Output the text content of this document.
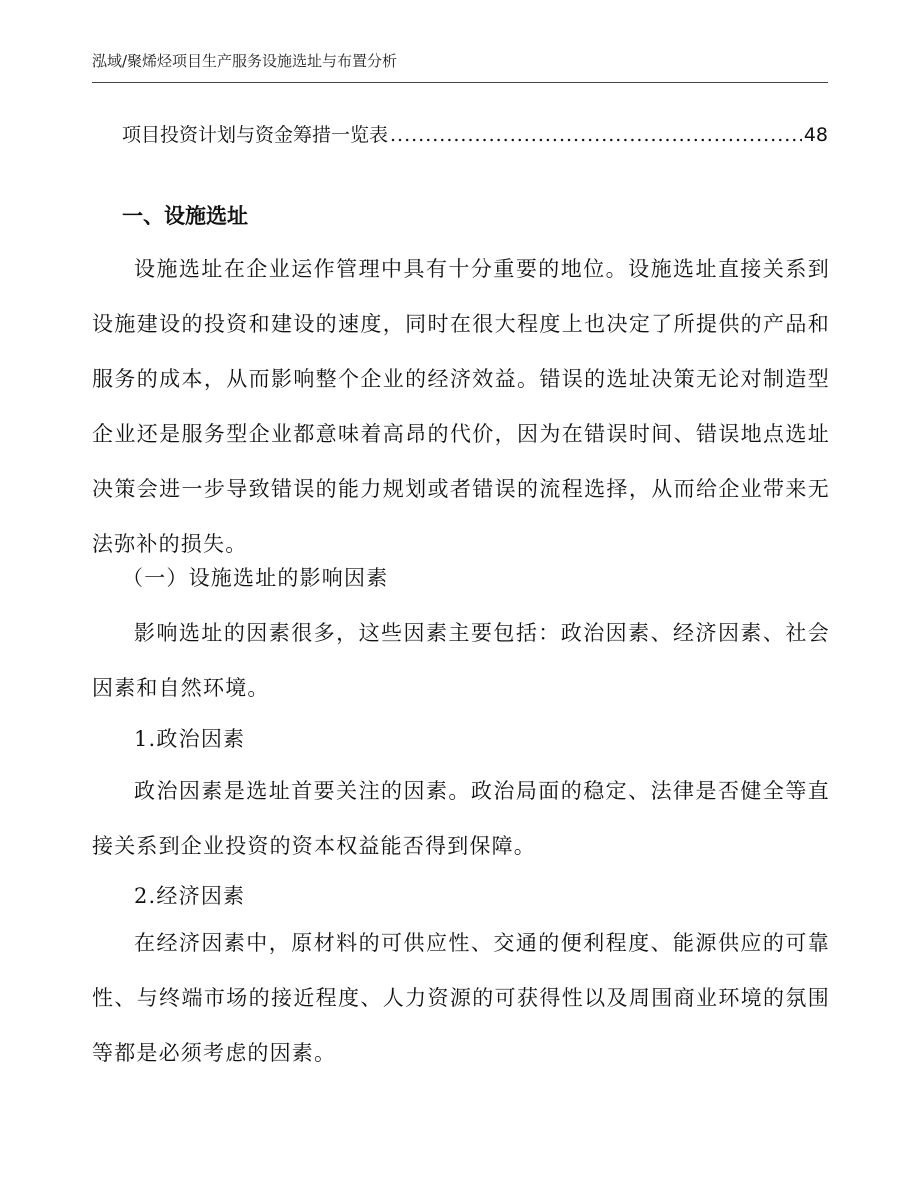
泓域/聚烯烃项目生产服务设施选址与布置分析
项目投资计划与资金筹措一览表
.....	48
一、设施选址

设施选址在企业运作管理中具有十分重要的地位。设施选址直接关系到设施建设的投资和建设的速度，同时在很大程度上也决定了所提供的产品和服务的成本，从而影响整个企业的经济效益。错误的选址决策无论对制造型企业还是服务型企业都意味着高昂的代价，因为在错误时间、错误地点选址决策会进一步导致错误的能力规划或者错误的流程选择，从而给企业带来无法弥补的损失。

（一）设施选址的影响因素

影响选址的因素很多，这些因素主要包括：政治因素、经济因素、社会因素和自然环境。

1.政治因素

政治因素是选址首要关注的因素。政治局面的稳定、法律是否健全等直接关系到企业投资的资本权益能否得到保障。

2.经济因素

在经济因素中，原材料的可供应性、交通的便利程度、能源供应的可靠性、与终端市场的接近程度、人力资源的可获得性以及周围商业环境的氛围等都是必须考虑的因素。
